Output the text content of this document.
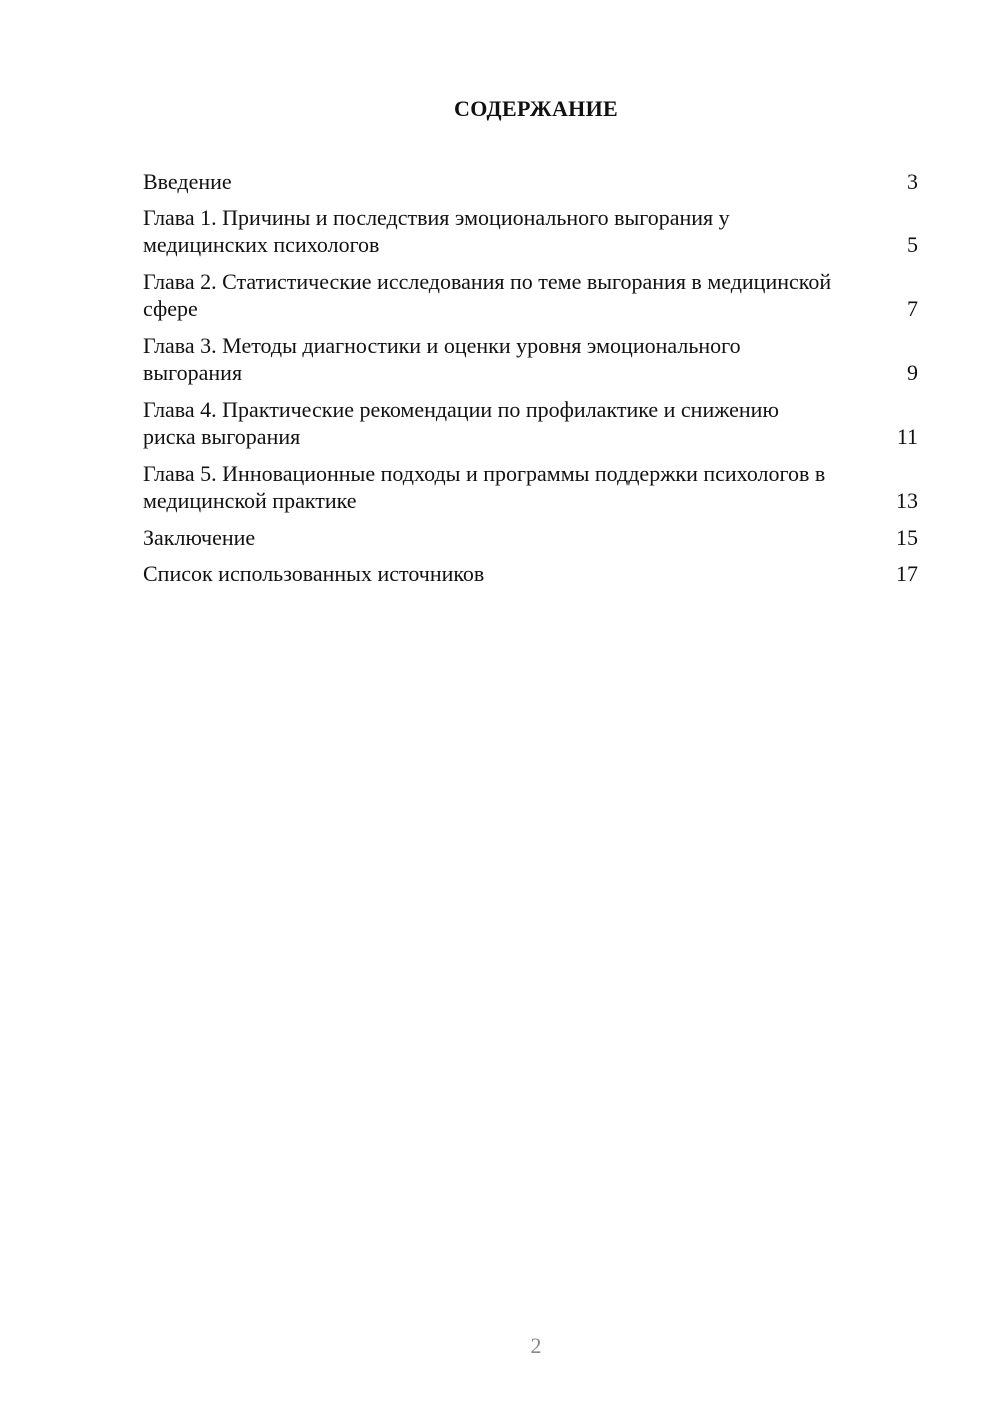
СОДЕРЖАНИЕ
Введение	3
Глава 1. Причины и последствия эмоционального выгорания у медицинских психологов	5
Глава 2. Статистические исследования по теме выгорания в медицинской сфере	7
Глава 3. Методы диагностики и оценки уровня эмоционального выгорания	9
Глава 4. Практические рекомендации по профилактике и снижению риска выгорания	11
Глава 5. Инновационные подходы и программы поддержки психологов в медицинской практике	13
Заключение	15
Список использованных источников	17
2
